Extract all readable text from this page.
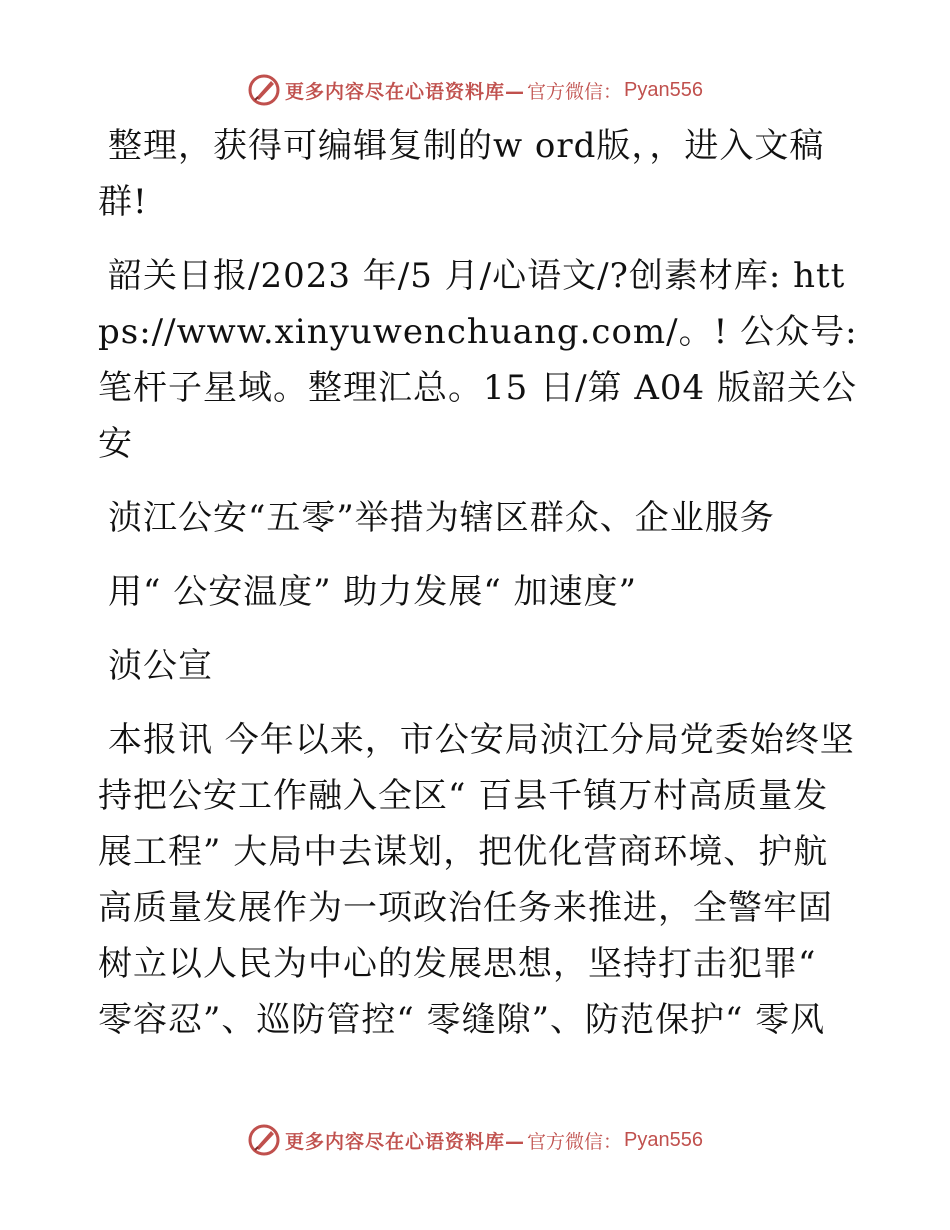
更多内容尽在心语资料库— 官方微信： Pyan556

整理，获得可编辑复制的w ord版，，进入文稿群!

韶关日报/2023 年/5 月/心语文/?创素材库: https://www.xinyuwenchuang.com/。! 公众号: 笔杆子星域。整理汇总。15 日/第 A04 版韶关公安

浈江公安“五零”举措为辖区群众、企业服务

用“ 公安温度” 助力发展“ 加速度”

浈公宣

本报讯 今年以来，市公安局浈江分局党委始终坚持把公安工作融入全区“ 百县千镇万村高质量发展工程” 大局中去谋划，把优化营商环境、护航高质量发展作为一项政治任务来推进，全警牢固树立以人民为中心的发展思想，坚持打击犯罪“ 零容忍”、巡防管控“ 零缝隙”、防范保护“ 零风

更多内容尽在心语资料库— 官方微信： Pyan556
